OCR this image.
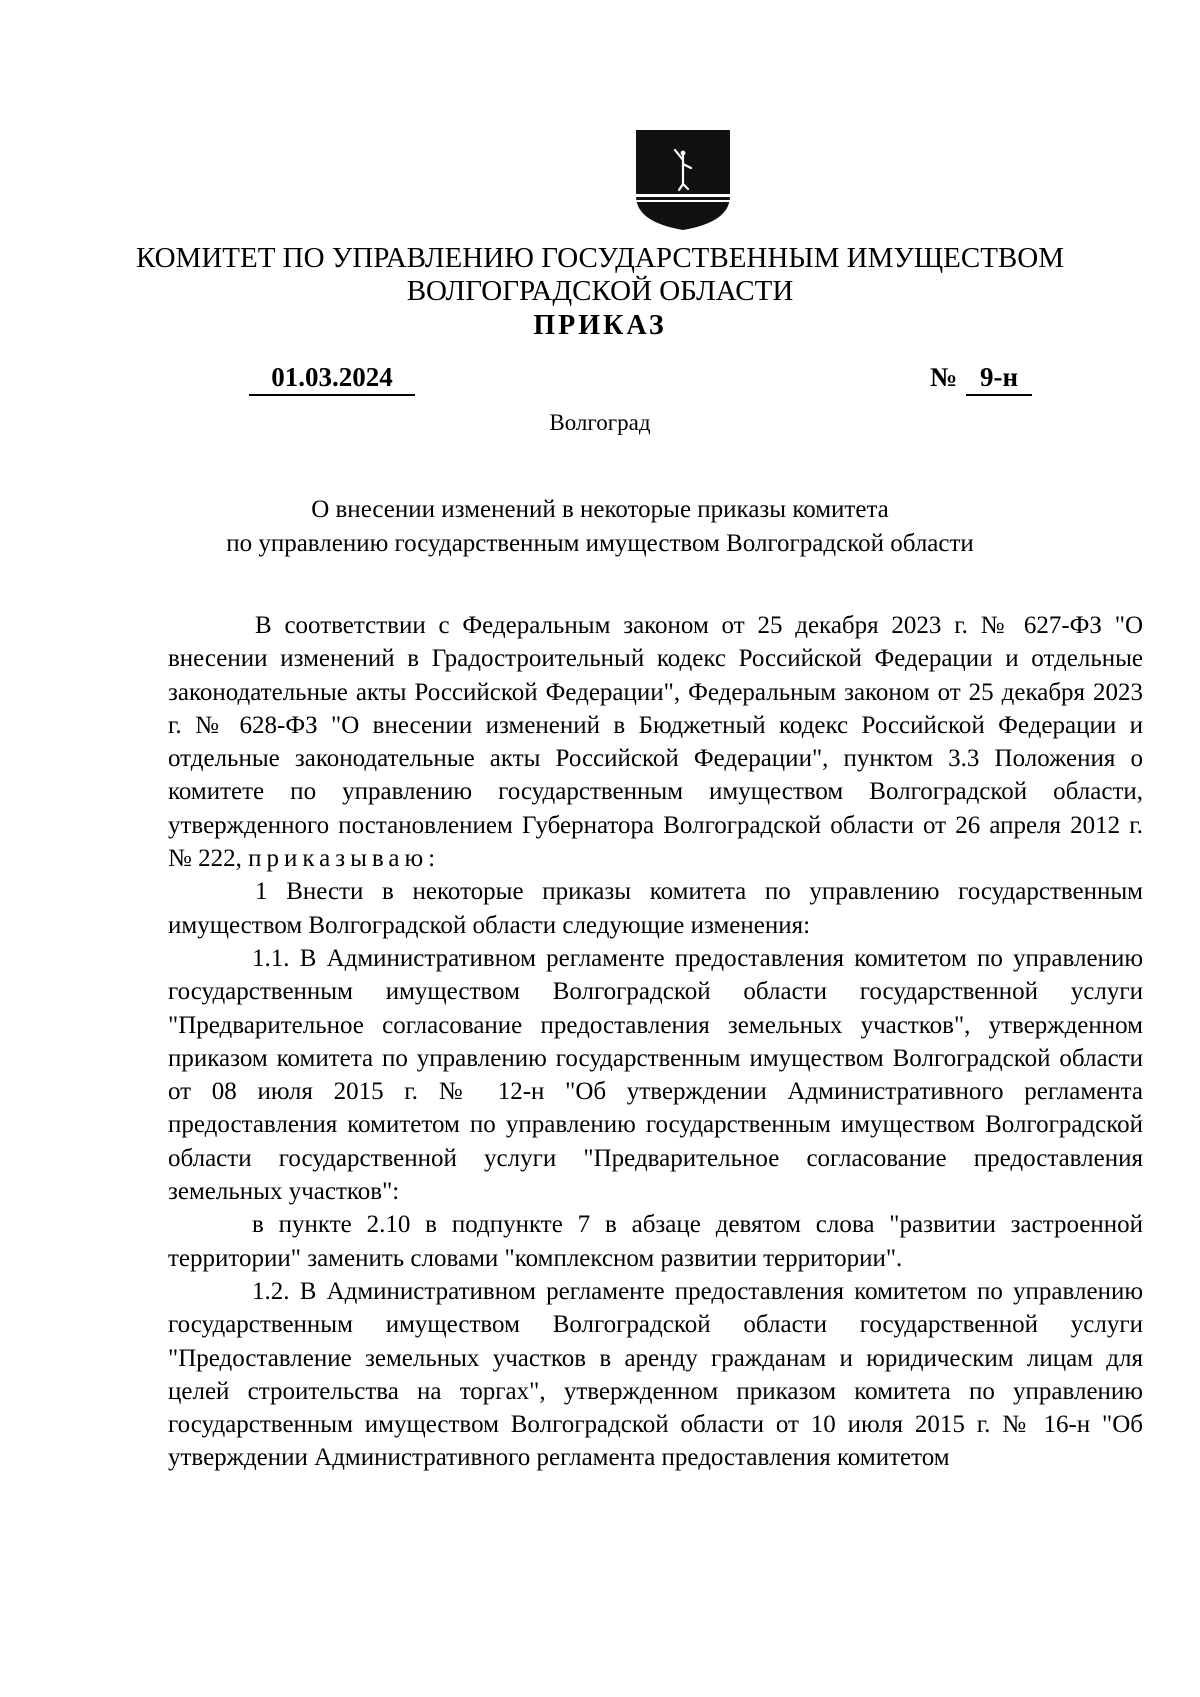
КОМИТЕТ ПО УПРАВЛЕНИЮ ГОСУДАРСТВЕННЫМ ИМУЩЕСТВОМ
ВОЛГОГРАДСКОЙ ОБЛАСТИ
ПРИКАЗ
01.03.2024	№ 9-н
Волгоград
О внесении изменений в некоторые приказы комитета
по управлению государственным имуществом Волгоградской области

В соответствии с Федеральным законом от 25 декабря 2023 г. № 627-ФЗ "О внесении изменений в Градостроительный кодекс Российской Федерации и отдельные законодательные акты Российской Федерации", Федеральным законом от 25 декабря 2023 г. № 628-ФЗ "О внесении изменений в Бюджетный кодекс Российской Федерации и отдельные законодательные акты Российской Федерации", пунктом 3.3 Положения о комитете по управлению государственным имуществом Волгоградской области, утвержденного постановлением Губернатора Волгоградской области от 26 апреля 2012 г. № 222, приказываю:

1 Внести в некоторые приказы комитета по управлению государственным имуществом Волгоградской области следующие изменения:

1.1. В Административном регламенте предоставления комитетом по управлению государственным имуществом Волгоградской области государственной услуги "Предварительное согласование предоставления земельных участков", утвержденном приказом комитета по управлению государственным имуществом Волгоградской области от 08 июля 2015 г. № 12-н "Об утверждении Административного регламента предоставления комитетом по управлению государственным имуществом Волгоградской области государственной услуги "Предварительное согласование предоставления земельных участков":

в пункте 2.10 в подпункте 7 в абзаце девятом слова "развитии застроенной территории" заменить словами "комплексном развитии территории".

1.2. В Административном регламенте предоставления комитетом по управлению государственным имуществом Волгоградской области государственной услуги "Предоставление земельных участков в аренду гражданам и юридическим лицам для целей строительства на торгах", утвержденном приказом комитета по управлению государственным имуществом Волгоградской области от 10 июля 2015 г. № 16-н "Об утверждении Административного регламента предоставления комитетом
